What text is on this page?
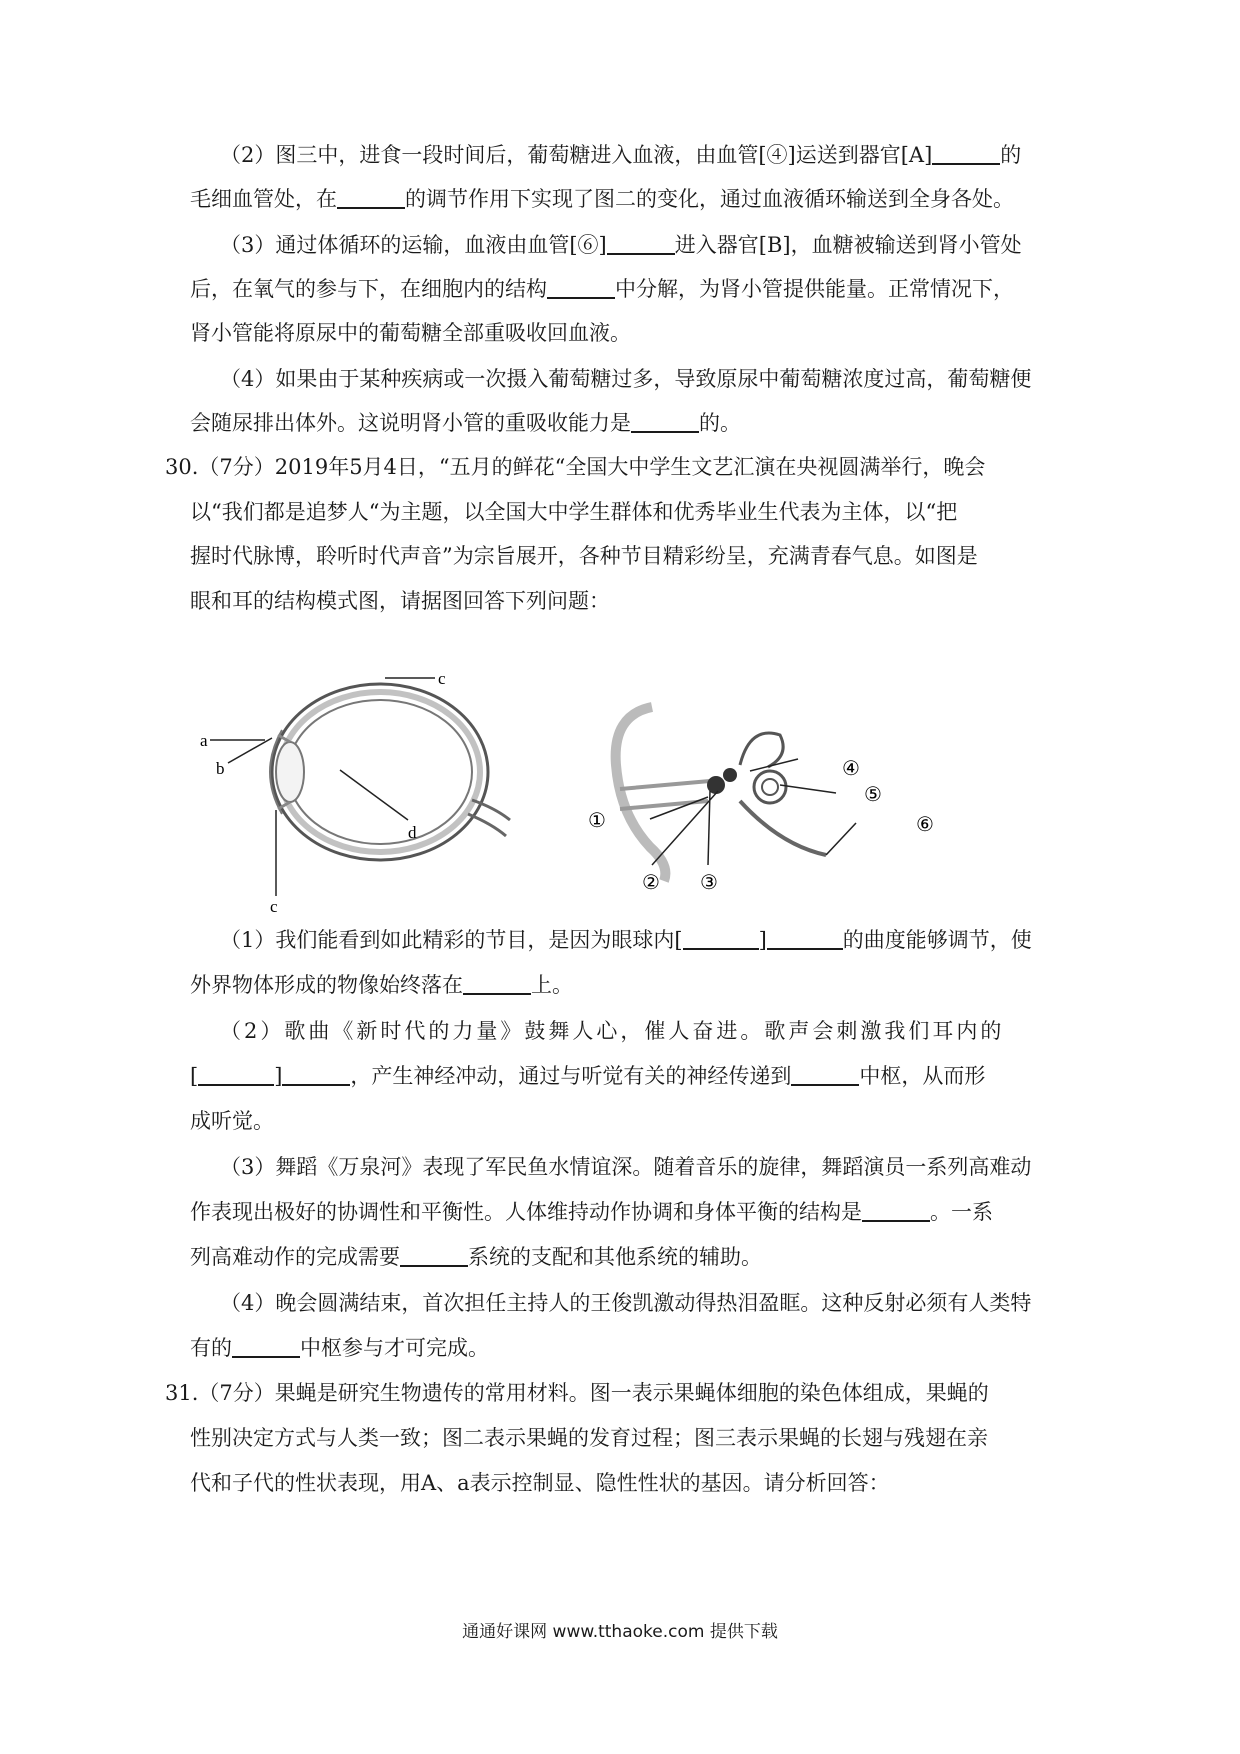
（2）图三中，进食一段时间后，葡萄糖进入血液，由血管[④]运送到器官[A]	的
毛细血管处，在	的调节作用下实现了图二的变化，通过血液循环输送到全身各处。
（3）通过体循环的运输，血液由血管[⑥]	进入器官[B]，血糖被输送到肾小管处
后，在氧气的参与下，在细胞内的结构	中分解，为肾小管提供能量。正常情况下，
肾小管能将原尿中的葡萄糖全部重吸收回血液。
（4）如果由于某种疾病或一次摄入葡萄糖过多，导致原尿中葡萄糖浓度过高，葡萄糖便
会随尿排出体外。这说明肾小管的重吸收能力是	的。
30.（7分）2019年5月4日，“五月的鲜花“全国大中学生文艺汇演在央视圆满举行，晚会
以“我们都是追梦人“为主题，以全国大中学生群体和优秀毕业生代表为主体，以“把
握时代脉博，聆听时代声音”为宗旨展开，各种节目精彩纷呈，充满青春气息。如图是
眼和耳的结构模式图，请据图回答下列问题：
a
b
c
c
d
①
② ③
④
⑤
⑥
（1）我们能看到如此精彩的节目，是因为眼球内[	]	的曲度能够调节，使
外界物体形成的物像始终落在	上。
（2）歌曲《新时代的力量》鼓舞人心，催人奋进。歌声会刺激我们耳内的
[	]	，产生神经冲动，通过与听觉有关的神经传递到	中枢，从而形
成听觉。
（3）舞蹈《万泉河》表现了军民鱼水情谊深。随着音乐的旋律，舞蹈演员一系列高难动
作表现出极好的协调性和平衡性。人体维持动作协调和身体平衡的结构是	。一系
列高难动作的完成需要	系统的支配和其他系统的辅助。
（4）晚会圆满结束，首次担任主持人的王俊凯激动得热泪盈眶。这种反射必须有人类特
有的	中枢参与才可完成。
31.（7分）果蝇是研究生物遗传的常用材料。图一表示果蝇体细胞的染色体组成，果蝇的
性别决定方式与人类一致；图二表示果蝇的发育过程；图三表示果蝇的长翅与残翅在亲
代和子代的性状表现，用A、a表示控制显、隐性性状的基因。请分析回答：
通通好课网 www.tthaoke.com 提供下载
